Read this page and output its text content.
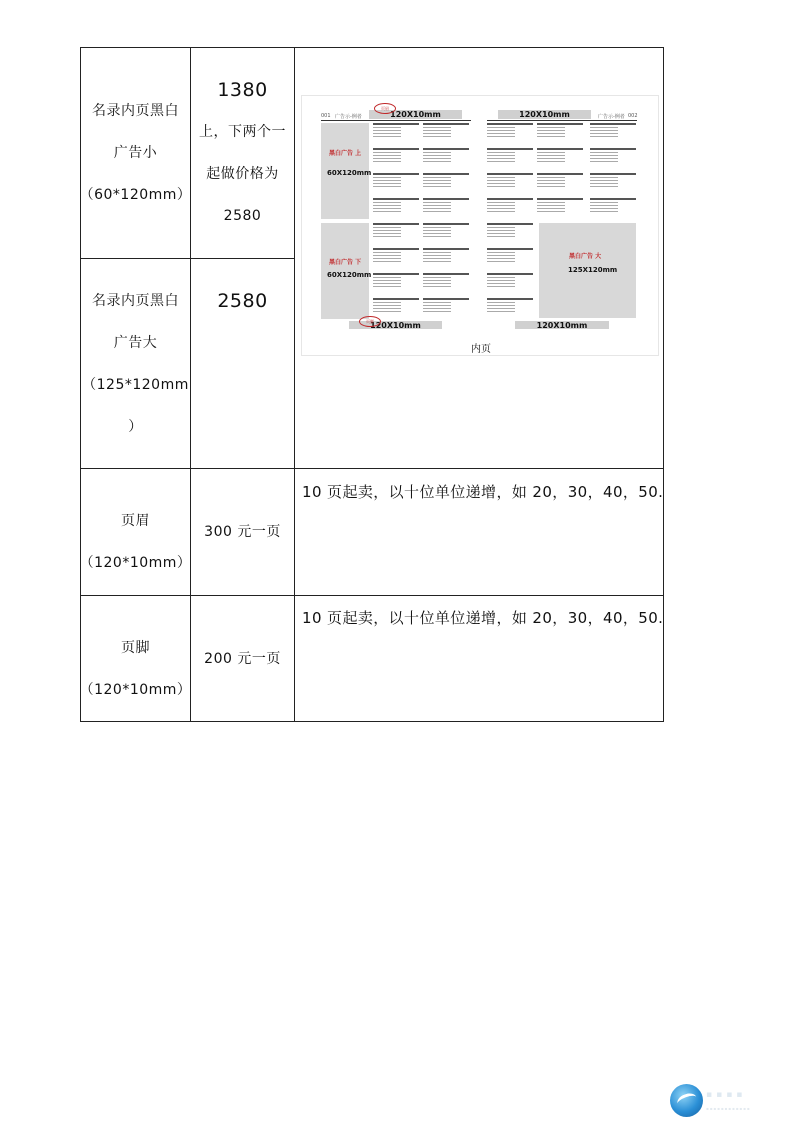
名录内页黑白
广告小
（60*120mm）
1380
上，下两个一
起做价格为
2580
名录内页黑白
广告大
（125*120mm
）
2580
页眉
（120*10mm）
300 元一页
10 页起卖，以十位单位递增，如 20，30，40，50.
页脚
（120*10mm）
200 元一页
10 页起卖，以十位单位递增，如 20，30，40，50.
001 广告示-例者	120X10mm
页眉
黑白广告 上
60X120mm
黑白广告 下
60X120mm
120X10mm
页脚
120X10mm	广告示-例者 002
黑白广告 大
125X120mm
120X10mm
内页
▪▪▪▪
▪▪▪▪▪▪▪▪▪▪▪▪
